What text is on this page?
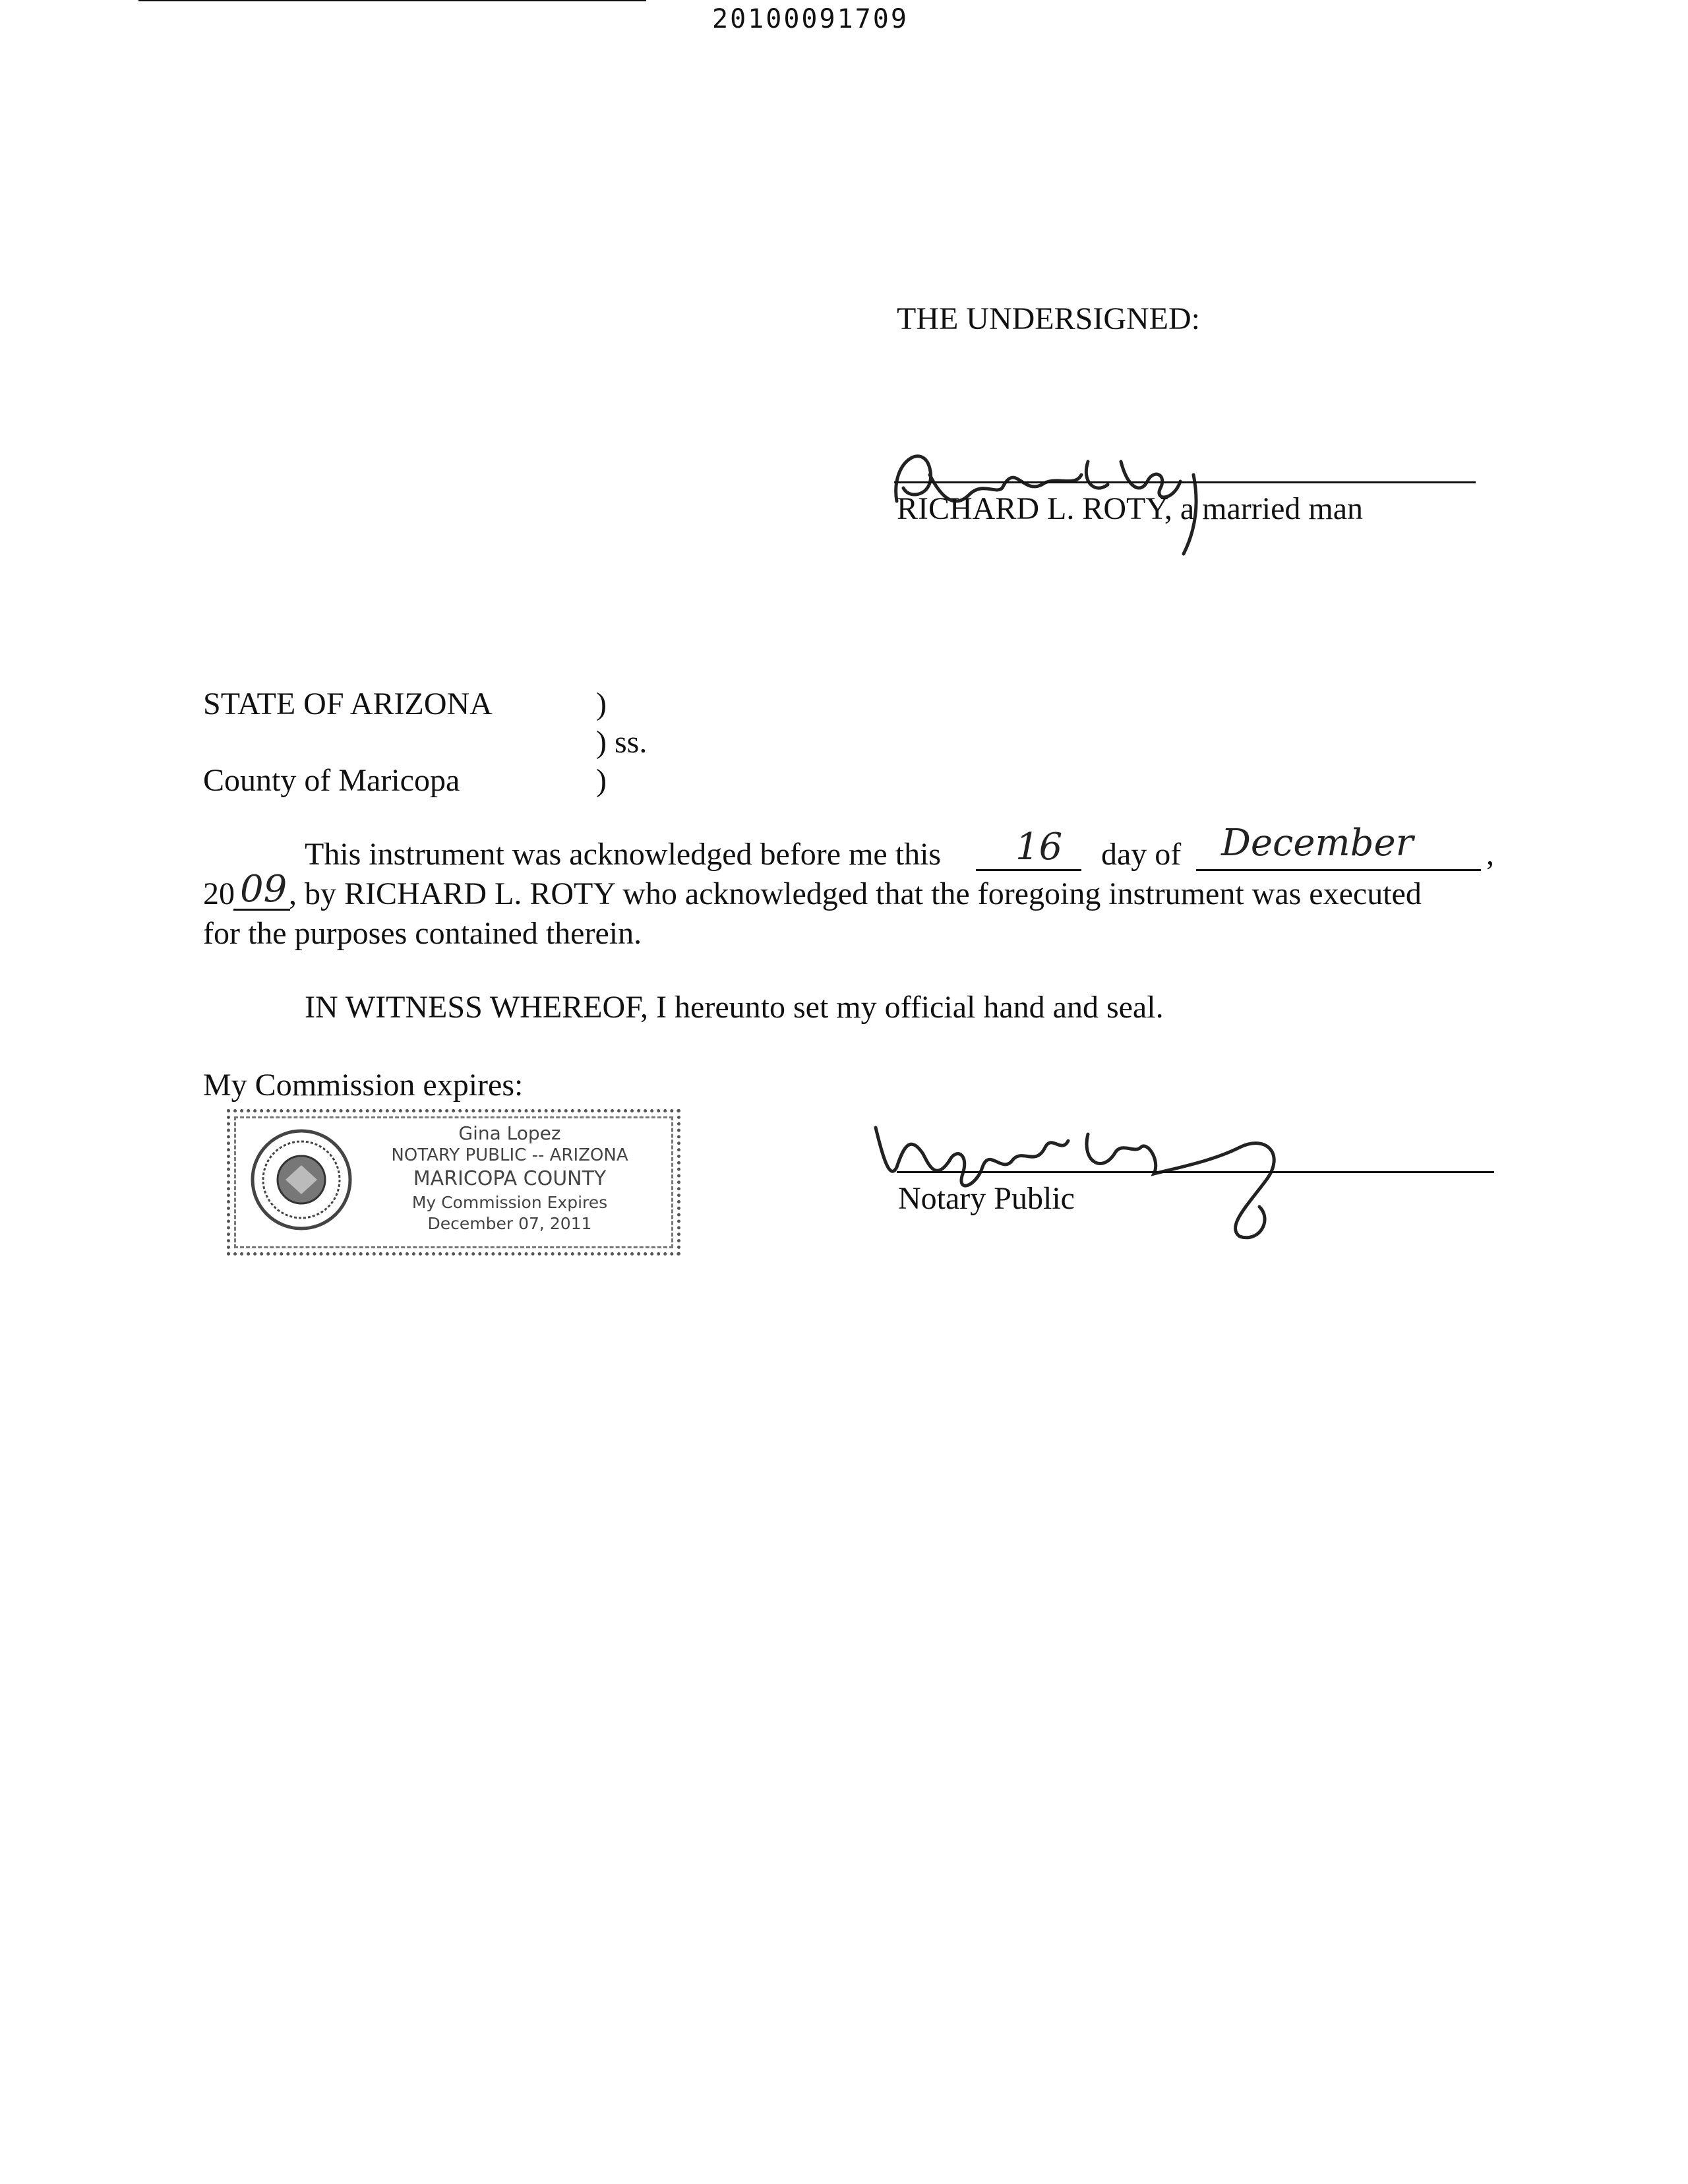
20100091709
THE UNDERSIGNED:
RICHARD L. ROTY, a married man
STATE OF ARIZONA	)
) ss.
County of Maricopa	)
This instrument was acknowledged before me this 16 day of December ,
20 09 , by RICHARD L. ROTY who acknowledged that the foregoing instrument was executed
for the purposes contained therein.
IN WITNESS WHEREOF, I hereunto set my official hand and seal.
My Commission expires:
Gina Lopez
NOTARY PUBLIC -- ARIZONA
MARICOPA COUNTY
My Commission Expires
December 07, 2011
Notary Public
